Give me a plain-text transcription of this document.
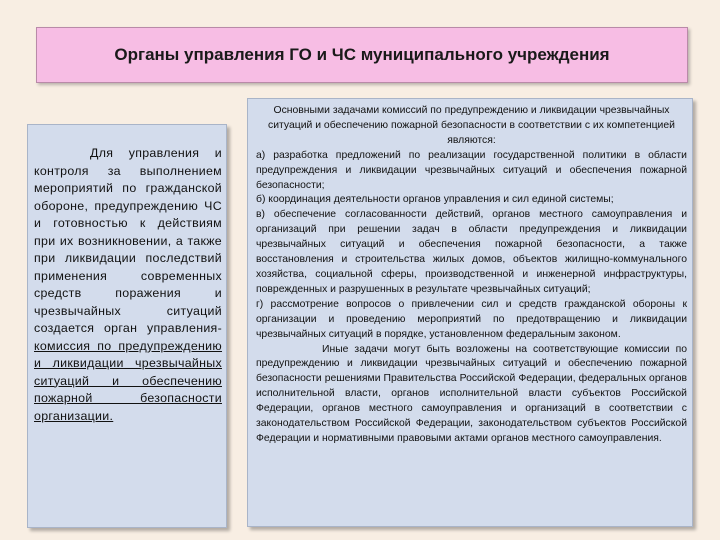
Органы управления ГО и ЧС муниципального учреждения

Для управления и контроля за выполнением мероприятий по гражданской обороне, предупреждению ЧС и готовностью к действиям при их возникновении, а также при ликвидации последствий применения современных средств поражения и чрезвычайных ситуаций создается орган управления- комиссия по предупреждению и ликвидации чрезвычайных ситуаций и обеспечению пожарной безопасности организации.

Основными задачами комиссий по предупреждению и ликвидации чрезвычайных ситуаций и обеспечению пожарной безопасности в соответствии с их компетенцией являются:

а) разработка предложений по реализации государственной политики в области предупреждения и ликвидации чрезвычайных ситуаций и обеспечения пожарной безопасности;

б) координация деятельности органов управления и сил единой системы;

в) обеспечение согласованности действий, органов местного самоуправления и организаций при решении задач в области предупреждения и ликвидации чрезвычайных ситуаций и обеспечения пожарной безопасности, а также восстановления и строительства жилых домов, объектов жилищно-коммунального хозяйства, социальной сферы, производственной и инженерной инфраструктуры, поврежденных и разрушенных в результате чрезвычайных ситуаций;

г) рассмотрение вопросов о привлечении сил и средств гражданской обороны к организации и проведению мероприятий по предотвращению и ликвидации чрезвычайных ситуаций в порядке, установленном федеральным законом.

Иные задачи могут быть возложены на соответствующие комиссии по предупреждению и ликвидации чрезвычайных ситуаций и обеспечению пожарной безопасности решениями Правительства Российской Федерации, федеральных органов исполнительной власти, органов исполнительной власти субъектов Российской Федерации, органов местного самоуправления и организаций в соответствии с законодательством Российской Федерации, законодательством субъектов Российской Федерации и нормативными правовыми актами органов местного самоуправления.
